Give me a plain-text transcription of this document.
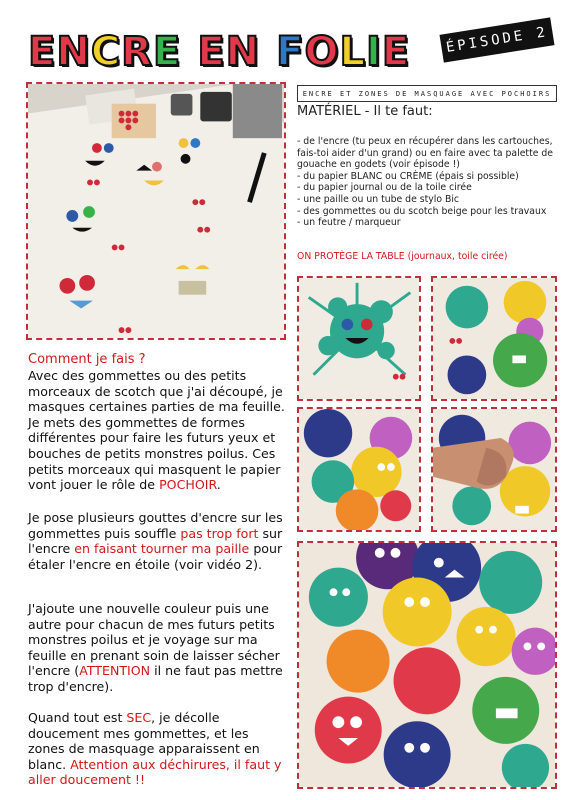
E N C R E E N F O L I E	ÉPISODE 2
ENCRE ET ZONES DE MASQUAGE AVEC POCHOIRS
MATÉRIEL - Il te faut:
- de l'encre (tu peux en récupérer dans les cartouches, fais-toi aider d'un grand) ou en faire avec ta palette de gouache en godets (voir épisode !)
- du papier BLANC ou CRÈME (épais si possible)
- du papier journal ou de la toile cirée
- une paille ou un tube de stylo Bic
- des gommettes ou du scotch beige pour les travaux
- un feutre / marqueur
ON PROTÈGE LA TABLE (journaux, toile cirée)
Comment je fais ?
Avec des gommettes ou des petits morceaux de scotch que j'ai découpé, je masques certaines parties de ma feuille. Je mets des gommettes de formes différentes pour faire les futurs yeux et bouches de petits monstres poilus. Ces petits morceaux qui masquent le papier vont jouer le rôle de POCHOIR.
Je pose plusieurs gouttes d'encre sur les gommettes puis souffle pas trop fort sur l'encre en faisant tourner ma paille pour étaler l'encre en étoile (voir vidéo 2).
J'ajoute une nouvelle couleur puis une autre pour chacun de mes futurs petits monstres poilus et je voyage sur ma feuille en prenant soin de laisser sécher l'encre (ATTENTION il ne faut pas mettre trop d'encre).
Quand tout est SEC, je décolle doucement mes gommettes, et les zones de masquage apparaissent en blanc. Attention aux déchirures, il faut y aller doucement !!
